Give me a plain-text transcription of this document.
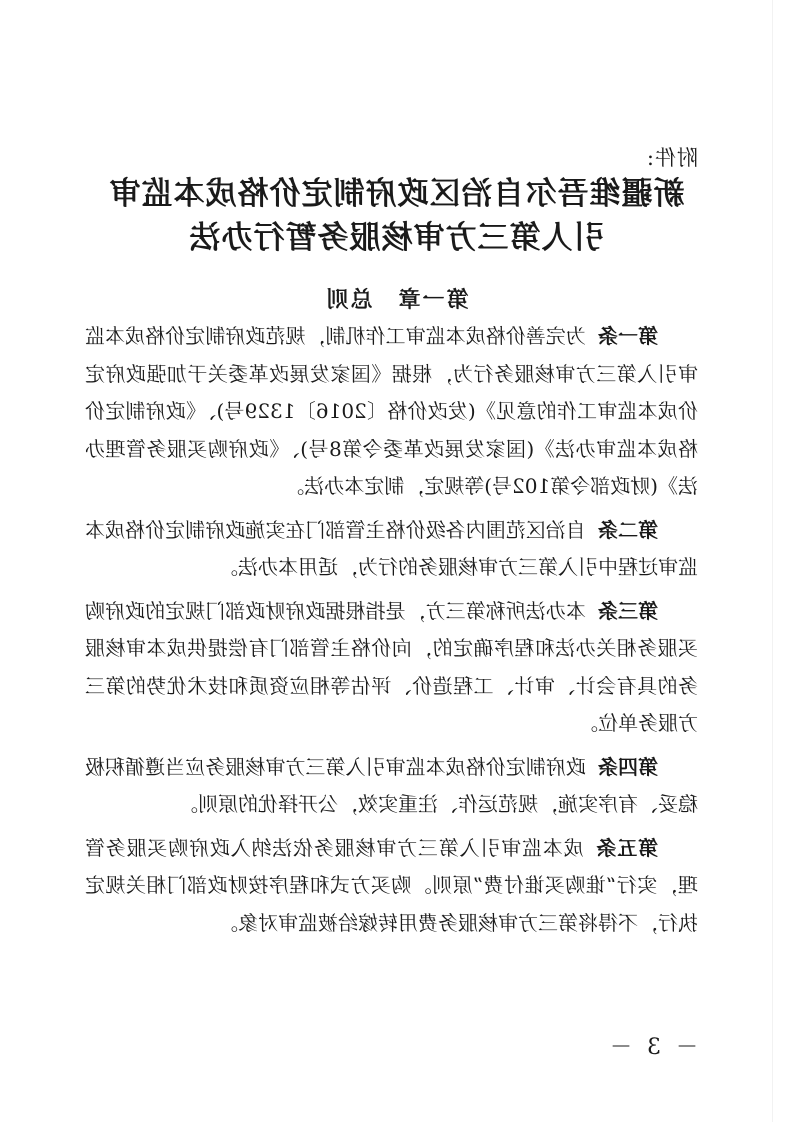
附件:
新疆维吾尔自治区政府制定价格成本监审
引人第三方审核服务暂行办法
第一章　总则

第一条为完善价格成本监审工作机制，规范政府制定价格成本监审引入第三方审核服务行为，根据《国家发展改革委关于加强政府定价成本监审工作的意见》(发改价格〔2016〕1329号)、《政府制定价格成本监审办法》(国家发展改革委令第8号)、《政府购买服务管理办法》(财政部令第102号)等规定，制定本办法。

第二条自治区范围内各级价格主管部门在实施政府制定价格成本监审过程中引入第三方审核服务的行为，适用本办法。

第三条本办法所称第三方，是指根据政府财政部门规定的政府购买服务相关办法和程序确定的，向价格主管部门有偿提供成本审核服务的具有会计、审计、工程造价、评估等相应资质和技术优势的第三方服务单位。

第四条政府制定价格成本监审引入第三方审核服务应当遵循积极稳妥、有序实施，规范运作、注重实效，公开择优的原则。

第五条成本监审引入第三方审核服务依法纳入政府购买服务管理，实行“谁购买谁付费”原则。购买方式和程序按财政部门相关规定执行，不得将第三方审核服务费用转嫁给被监审对象。

－ 3 －
